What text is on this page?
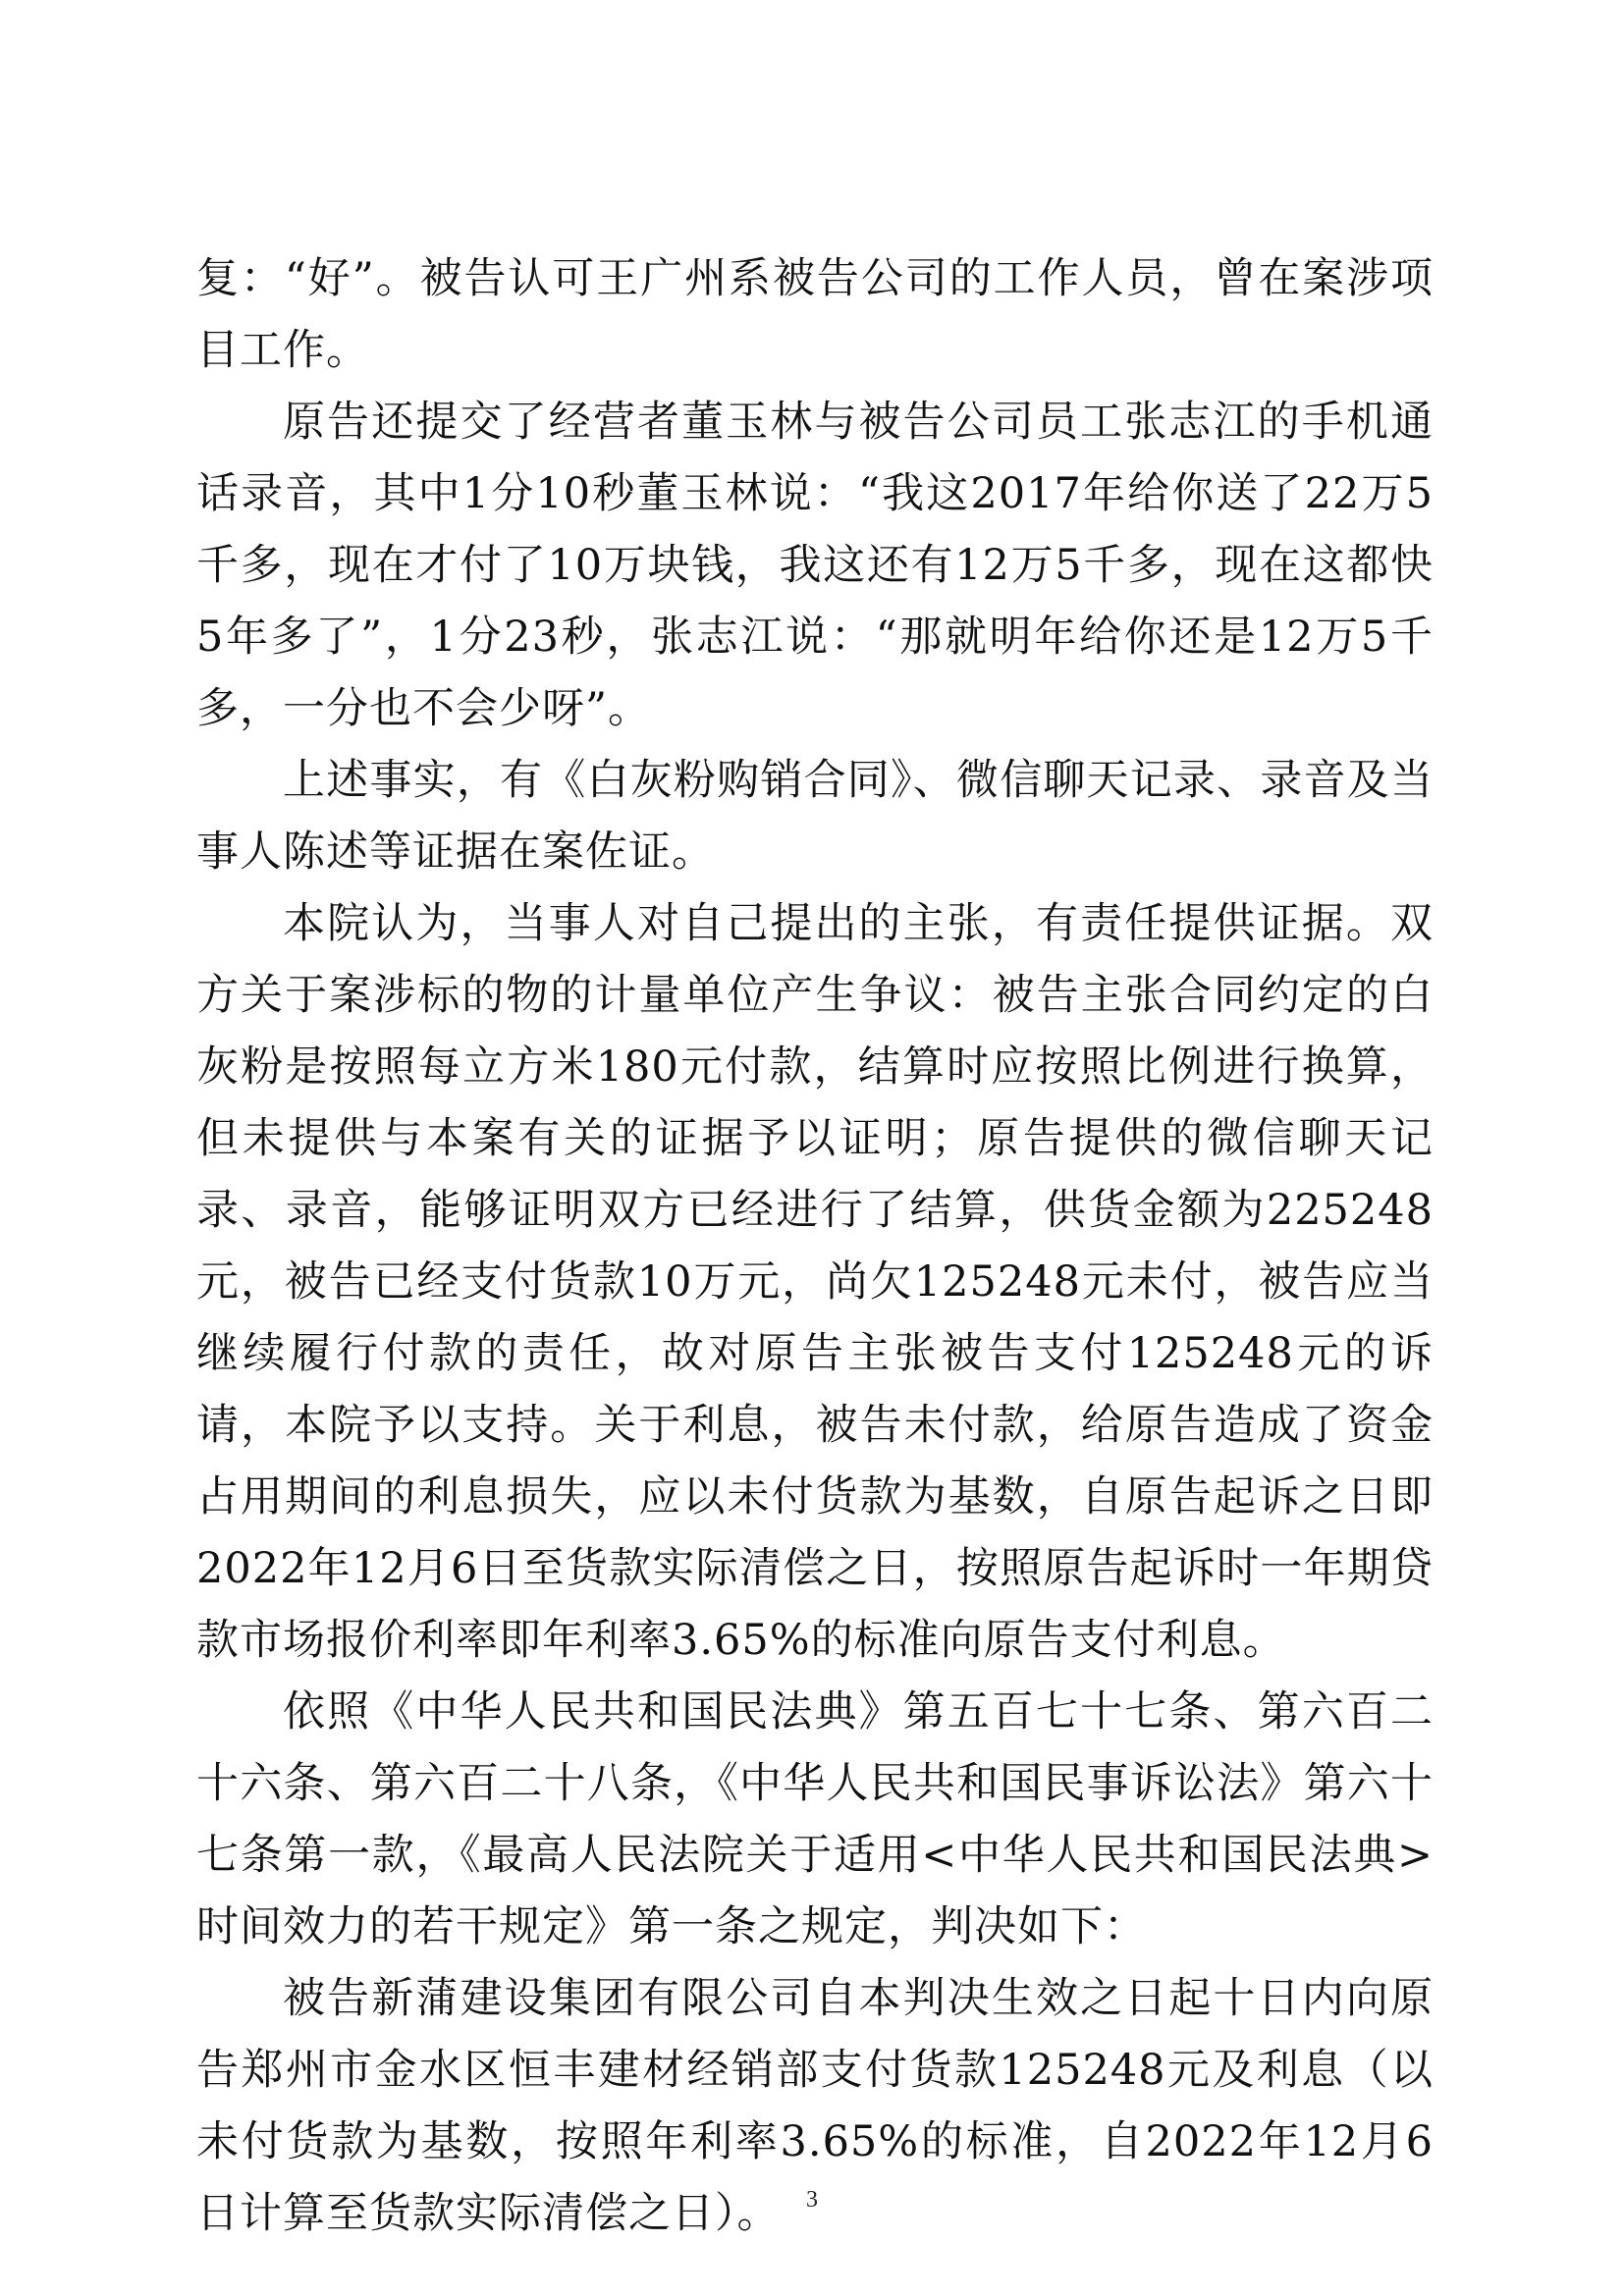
复：“好”。被告认可王广州系被告公司的工作人员，曾在案涉项目工作。

原告还提交了经营者董玉林与被告公司员工张志江的手机通话录音，其中1分10秒董玉林说：“我这2017年给你送了22万5千多，现在才付了10万块钱，我这还有12万5千多，现在这都快5年多了”，1分23秒，张志江说：“那就明年给你还是12万5千多，一分也不会少呀”。

上述事实，有《白灰粉购销合同》、微信聊天记录、录音及当事人陈述等证据在案佐证。

本院认为，当事人对自己提出的主张，有责任提供证据。双方关于案涉标的物的计量单位产生争议：被告主张合同约定的白灰粉是按照每立方米180元付款，结算时应按照比例进行换算，但未提供与本案有关的证据予以证明；原告提供的微信聊天记录、录音，能够证明双方已经进行了结算，供货金额为225248元，被告已经支付货款10万元，尚欠125248元未付，被告应当继续履行付款的责任，故对原告主张被告支付125248元的诉请，本院予以支持。关于利息，被告未付款，给原告造成了资金占用期间的利息损失，应以未付货款为基数，自原告起诉之日即2022年12月6日至货款实际清偿之日，按照原告起诉时一年期贷款市场报价利率即年利率3.65%的标准向原告支付利息。

依照《中华人民共和国民法典》第五百七十七条、第六百二十六条、第六百二十八条，《中华人民共和国民事诉讼法》第六十七条第一款，《最高人民法院关于适用<中华人民共和国民法典>时间效力的若干规定》第一条之规定，判决如下：

被告新蒲建设集团有限公司自本判决生效之日起十日内向原告郑州市金水区恒丰建材经销部支付货款125248元及利息（以未付货款为基数，按照年利率3.65%的标准，自2022年12月6日计算至货款实际清偿之日）。	3
